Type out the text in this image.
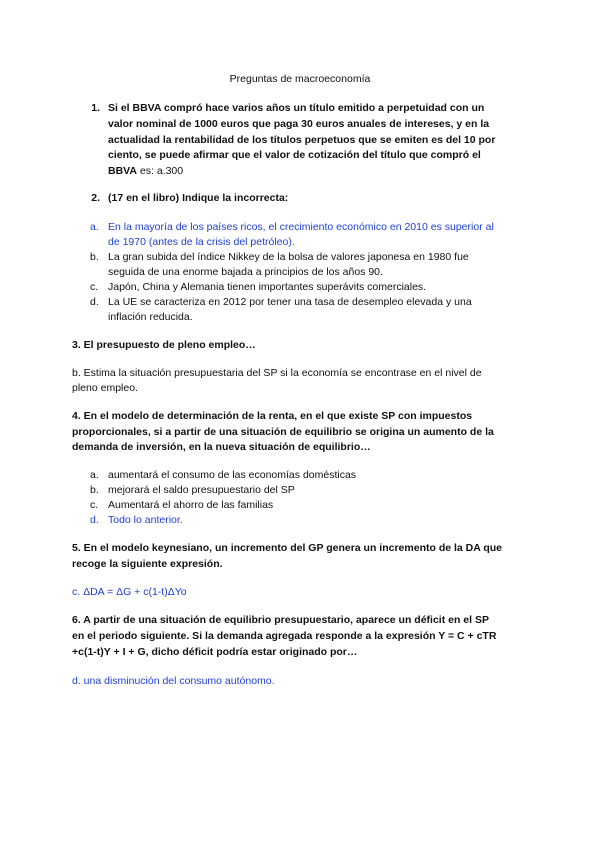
Preguntas de macroeconomía
1. Si el BBVA compró hace varios años un título emitido a perpetuidad con un
valor nominal de 1000 euros que paga 30 euros anuales de intereses, y en la
actualidad la rentabilidad de los títulos perpetuos que se emiten es del 10 por
ciento, se puede afirmar que el valor de cotización del título que compró el
BBVA es: a.300
2. (17 en el libro) Indique la incorrecta:
a. En la mayoría de los países ricos, el crecimiento económico en 2010 es superior al
de 1970 (antes de la crisis del petróleo).
b. La gran subida del índice Nikkey de la bolsa de valores japonesa en 1980 fue
seguida de una enorme bajada a principios de los años 90.
c. Japón, China y Alemania tienen importantes superávits comerciales.
d. La UE se caracteriza en 2012 por tener una tasa de desempleo elevada y una
inflación reducida.
3. El presupuesto de pleno empleo…
b. Estima la situación presupuestaria del SP si la economía se encontrase en el nivel de
pleno empleo.
4. En el modelo de determinación de la renta, en el que existe SP con impuestos
proporcionales, si a partir de una situación de equilibrio se origina un aumento de la
demanda de inversión, en la nueva situación de equilibrio…
a. aumentará el consumo de las economías domésticas
b. mejorará el saldo presupuestario del SP
c. Aumentará el ahorro de las familias
d. Todo lo anterior.
5. En el modelo keynesiano, un incremento del GP genera un incremento de la DA que
recoge la siguiente expresión.
c. ΔDA = ΔG + c(1-t)ΔYo
6. A partir de una situación de equilibrio presupuestario, aparece un déficit en el SP
en el periodo siguiente. Si la demanda agregada responde a la expresión Y = C + cTR
+c(1-t)Y + I + G, dicho déficit podría estar originado por…
d. una disminución del consumo autónomo.
